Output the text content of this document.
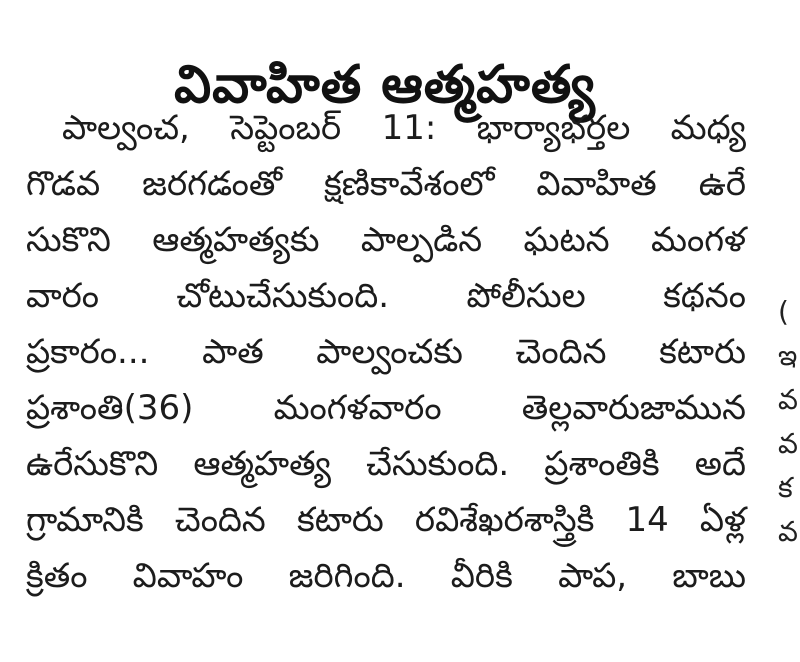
వివాహిత ఆత్మహత్య
పాల్వంచ, సెప్టెంబర్ 11: భార్యాభర్తల మధ్య
గొడవ జరగడంతో క్షణికావేశంలో వివాహిత ఉరే
సుకొని ఆత్మహత్యకు పాల్పడిన ఘటన మంగళ
వారం చోటుచేసుకుంది. పోలీసుల కథనం
ప్రకారం... పాత పాల్వంచకు చెందిన కటారు
ప్రశాంతి(36) మంగళవారం తెల్లవారుజామున
ఉరేసుకొని ఆత్మహత్య చేసుకుంది. ప్రశాంతికి అదే
గ్రామానికి చెందిన కటారు రవిశేఖరశాస్త్రికి 14 ఏళ్ల
క్రితం వివాహం జరిగింది. వీరికి పాప, బాబు
(
ఇ
వ
వ
క
వ
